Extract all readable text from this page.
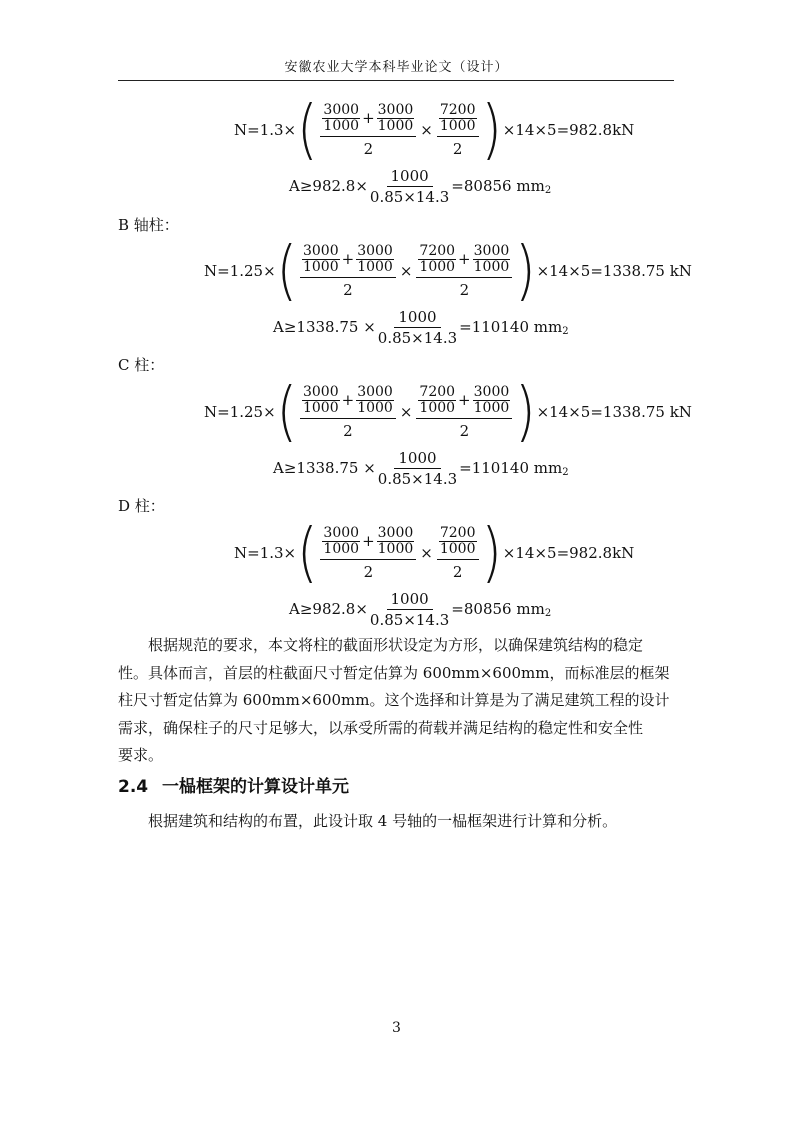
安徽农业大学本科毕业论文（设计）
N=1.3× ( $\frac{\frac{3000}{1000} + \frac{3000}{1000}}{2} \times \frac{\frac{7200}{1000}}{2}$ ) ×14×5=982.8kN
$A\ge 982.8\times \frac{1000}{0.85\times 14.3} =80856$ mm 2
B 轴柱：
N=1.25× ( $\frac{\frac{3000}{1000} + \frac{3000}{1000}}{2} \times \frac{\frac{7200}{1000} + \frac{3000}{1000}}{2}$ ) ×14×5=1338.75 kN
$A\ge 1338.75 \times \frac{1000}{0.85\times 14.3} =110140$ mm 2
C 柱：
N=1.25× ( $\frac{\frac{3000}{1000} + \frac{3000}{1000}}{2} \times \frac{\frac{7200}{1000} + \frac{3000}{1000}}{2}$ ) ×14×5=1338.75 kN
$A\ge 1338.75 \times \frac{1000}{0.85\times 14.3} =110140$ mm 2
D 柱：
N=1.3× ( $\frac{\frac{3000}{1000} + \frac{3000}{1000}}{2} \times \frac{\frac{7200}{1000}}{2}$ ) ×14×5=982.8kN
$A\ge 982.8\times \frac{1000}{0.85\times 14.3} =80856$ mm 2
根据规范的要求，本文将柱的截面形状设定为方形，以确保建筑结构的稳定
性。具体而言，首层的柱截面尺寸暂定估算为 600mm×600mm，而标准层的框架
柱尺寸暂定估算为 600mm×600mm。这个选择和计算是为了满足建筑工程的设计
需求，确保柱子的尺寸足够大，以承受所需的荷载并满足结构的稳定性和安全性
要求。
2.4 一榀框架的计算设计单元
根据建筑和结构的布置，此设计取 4 号轴的一榀框架进行计算和分析。
3
